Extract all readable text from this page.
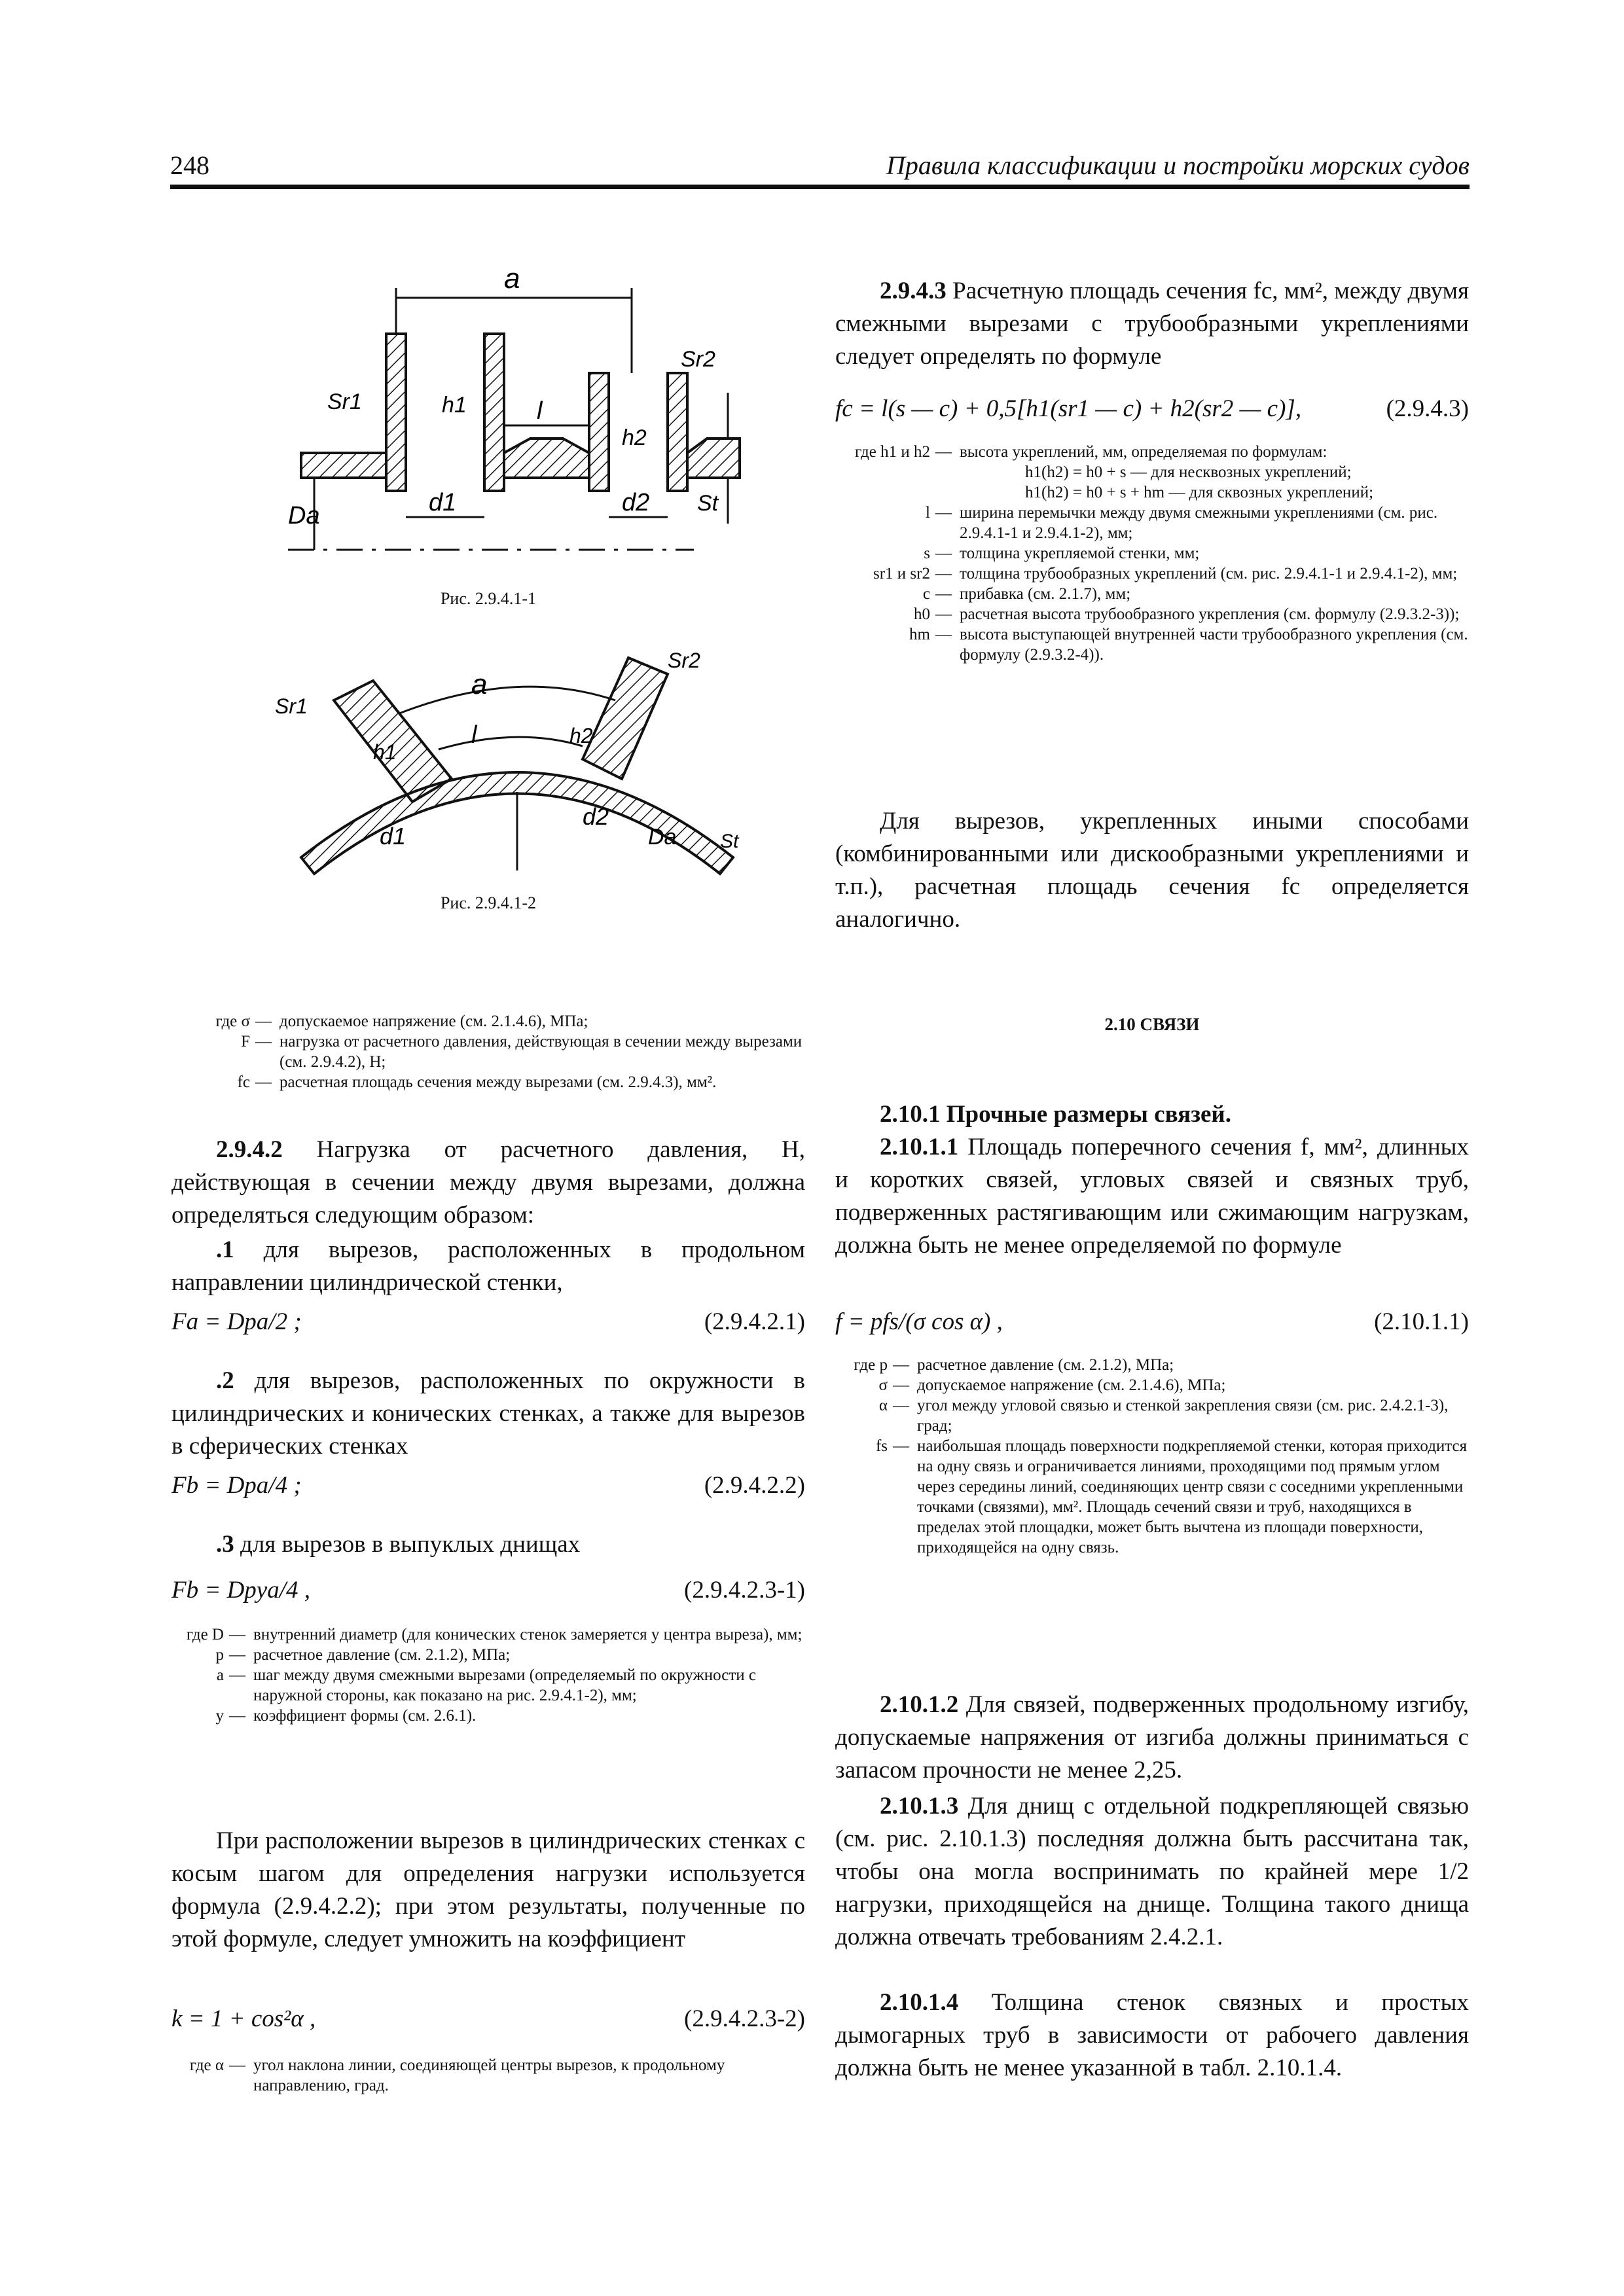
248	Правила классификации и постройки морских судов
a
Sr1
Sr2
l
h1
h2
d1	d2
Da	St
Рис. 2.9.4.1-1
a
Sr1
Sr2
l
h1
h2
d1
d2
Da St
Рис. 2.9.4.1-2
где σ — допускаемое напряжение (см. 2.1.4.6), МПа;
F — нагрузка от расчетного давления, действующая в сечении между вырезами (см. 2.9.4.2), Н;
fc — расчетная площадь сечения между вырезами (см. 2.9.4.3), мм².
2.9.4.2 Нагрузка от расчетного давления, Н, действующая в сечении между двумя вырезами, должна определяться следующим образом:
.1 для вырезов, расположенных в продольном направлении цилиндрической стенки,
Fa = Dpa/2 ;	(2.9.4.2.1)
.2 для вырезов, расположенных по окружности в цилиндрических и конических стенках, а также для вырезов в сферических стенках
Fb = Dpa/4 ;	(2.9.4.2.2)
.3 для вырезов в выпуклых днищах
Fb = Dpya/4 ,	(2.9.4.2.3-1)
где D — внутренний диаметр (для конических стенок замеряется у центра выреза), мм;
p — расчетное давление (см. 2.1.2), МПа;
a — шаг между двумя смежными вырезами (определяемый по окружности с наружной стороны, как показано на рис. 2.9.4.1-2), мм;
y — коэффициент формы (см. 2.6.1).
При расположении вырезов в цилиндрических стенках с косым шагом для определения нагрузки используется формула (2.9.4.2.2); при этом результаты, полученные по этой формуле, следует умножить на коэффициент
k = 1 + cos²α ,	(2.9.4.2.3-2)
где α — угол наклона линии, соединяющей центры вырезов, к продольному направлению, град.
2.9.4.3 Расчетную площадь сечения fc, мм², между двумя смежными вырезами с трубообразными укреплениями следует определять по формуле
fc = l(s — c) + 0,5[h1(sr1 — c) + h2(sr2 — c)],	(2.9.4.3)
где h1 и h2 — высота укреплений, мм, определяемая по формулам:
h1(h2) = h0 + s — для несквозных укреплений;
h1(h2) = h0 + s + hm — для сквозных укреплений;
l — ширина перемычки между двумя смежными укреплениями (см. рис. 2.9.4.1-1 и 2.9.4.1-2), мм;
s — толщина укрепляемой стенки, мм;
sr1 и sr2 — толщина трубообразных укреплений (см. рис. 2.9.4.1-1 и 2.9.4.1-2), мм;
c — прибавка (см. 2.1.7), мм;
h0 — расчетная высота трубообразного укрепления (см. формулу (2.9.3.2-3));
hm — высота выступающей внутренней части трубообразного укрепления (см. формулу (2.9.3.2-4)).
Для вырезов, укрепленных иными способами (комбинированными или дискообразными укреплениями и т.п.), расчетная площадь сечения fc определяется аналогично.
2.10 СВЯЗИ
2.10.1 Прочные размеры связей.
2.10.1.1 Площадь поперечного сечения f, мм², длинных и коротких связей, угловых связей и связных труб, подверженных растягивающим или сжимающим нагрузкам, должна быть не менее определяемой по формуле
f = pfs/(σ cos α) ,	(2.10.1.1)
где p — расчетное давление (см. 2.1.2), МПа;
σ — допускаемое напряжение (см. 2.1.4.6), МПа;
α — угол между угловой связью и стенкой закрепления связи (см. рис. 2.4.2.1-3), град;
fs — наибольшая площадь поверхности подкрепляемой стенки, которая приходится на одну связь и ограничивается линиями, проходящими под прямым углом через середины линий, соединяющих центр связи с соседними укрепленными точками (связями), мм². Площадь сечений связи и труб, находящихся в пределах этой площадки, может быть вычтена из площади поверхности, приходящейся на одну связь.
2.10.1.2 Для связей, подверженных продольному изгибу, допускаемые напряжения от изгиба должны приниматься с запасом прочности не менее 2,25.
2.10.1.3 Для днищ с отдельной подкрепляющей связью (см. рис. 2.10.1.3) последняя должна быть рассчитана так, чтобы она могла воспринимать по крайней мере 1/2 нагрузки, приходящейся на днище. Толщина такого днища должна отвечать требованиям 2.4.2.1.
2.10.1.4 Толщина стенок связных и простых дымогарных труб в зависимости от рабочего давления должна быть не менее указанной в табл. 2.10.1.4.
